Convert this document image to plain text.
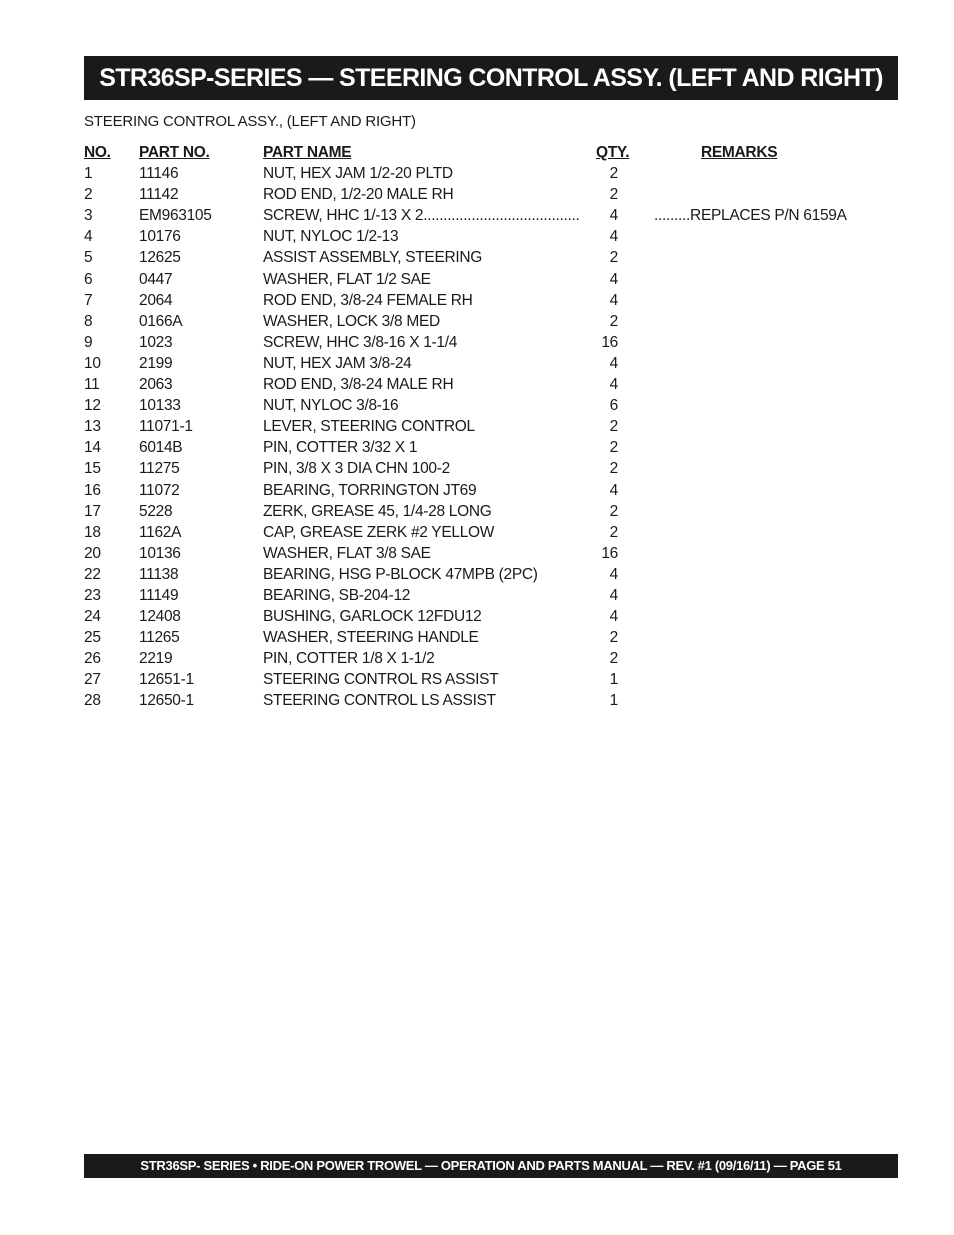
STR36SP-SERIES — STEERING CONTROL ASSY. (LEFT AND RIGHT)
STEERING CONTROL ASSY., (LEFT AND RIGHT)
NO. PART NO.	PART NAME	QTY.	REMARKS
1	11146	NUT, HEX JAM 1/2-20 PLTD	2
2	11142	ROD END, 1/2-20 MALE RH	2
3	EM963105	SCREW, HHC 1/-13 X 2.......................................	4 .........REPLACES P/N 6159A
4	10176	NUT, NYLOC 1/2-13	4
5	12625	ASSIST ASSEMBLY, STEERING	2
6	0447	WASHER, FLAT 1/2 SAE	4
7	2064	ROD END, 3/8-24 FEMALE RH	4
8	0166A	WASHER, LOCK 3/8 MED	2
9	1023	SCREW, HHC 3/8-16 X 1-1/4	16
10 2199	NUT, HEX JAM 3/8-24	4
11	2063	ROD END, 3/8-24 MALE RH	4
12 10133	NUT, NYLOC 3/8-16	6
13 11071-1	LEVER, STEERING CONTROL	2
14 6014B	PIN, COTTER 3/32 X 1	2
15 11275	PIN, 3/8 X 3 DIA CHN 100-2	2
16 11072	BEARING, TORRINGTON JT69	4
17 5228	ZERK, GREASE 45, 1/4-28 LONG	2
18 1162A	CAP, GREASE ZERK #2 YELLOW	2
20 10136	WASHER, FLAT 3/8 SAE	16
22 11138	BEARING, HSG P-BLOCK 47MPB (2PC)	4
23 11149	BEARING, SB-204-12	4
24 12408	BUSHING, GARLOCK 12FDU12	4
25 11265	WASHER, STEERING HANDLE	2
26 2219	PIN, COTTER 1/8 X 1-1/2	2
27 12651-1	STEERING CONTROL RS ASSIST	1
28 12650-1	STEERING CONTROL LS ASSIST	1
STR36SP- SERIES • RIDE-ON POWER TROWEL — OPERATION AND PARTS MANUAL — REV. #1 (09/16/11) — PAGE 51
